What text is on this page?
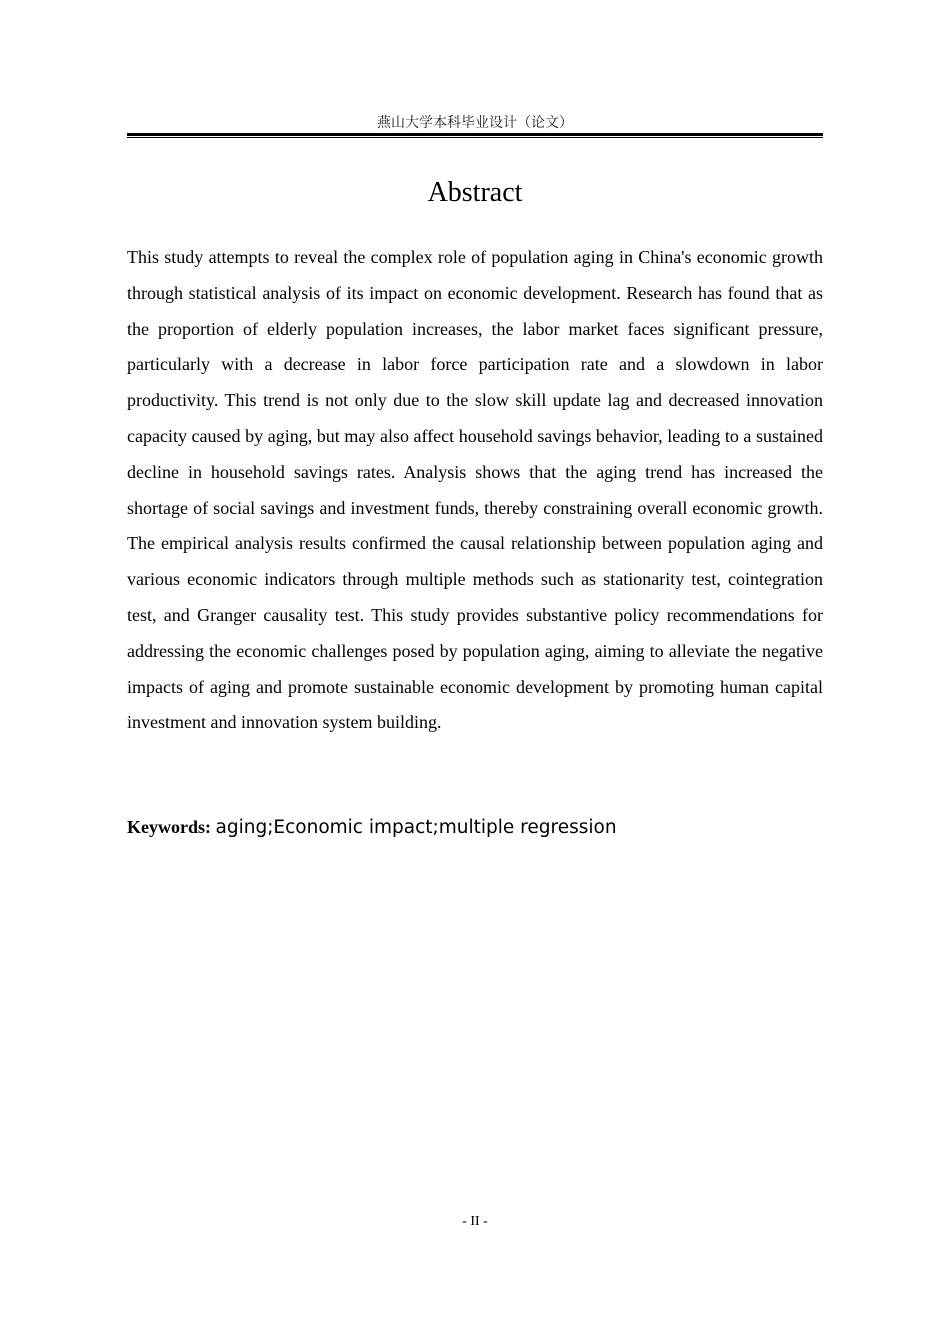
燕山大学本科毕业设计（论文）
Abstract

This study attempts to reveal the complex role of population aging in China's economic growth through statistical analysis of its impact on economic development. Research has found that as the proportion of elderly population increases, the labor market faces significant pressure, particularly with a decrease in labor force participation rate and a slowdown in labor productivity. This trend is not only due to the slow skill update lag and decreased innovation capacity caused by aging, but may also affect household savings behavior, leading to a sustained decline in household savings rates. Analysis shows that the aging trend has increased the shortage of social savings and investment funds, thereby constraining overall economic growth. The empirical analysis results confirmed the causal relationship between population aging and various economic indicators through multiple methods such as stationarity test, cointegration test, and Granger causality test. This study provides substantive policy recommendations for addressing the economic challenges posed by population aging, aiming to alleviate the negative impacts of aging and promote sustainable economic development by promoting human capital investment and innovation system building.

Keywords: aging;Economic impact;multiple regression

- II -
